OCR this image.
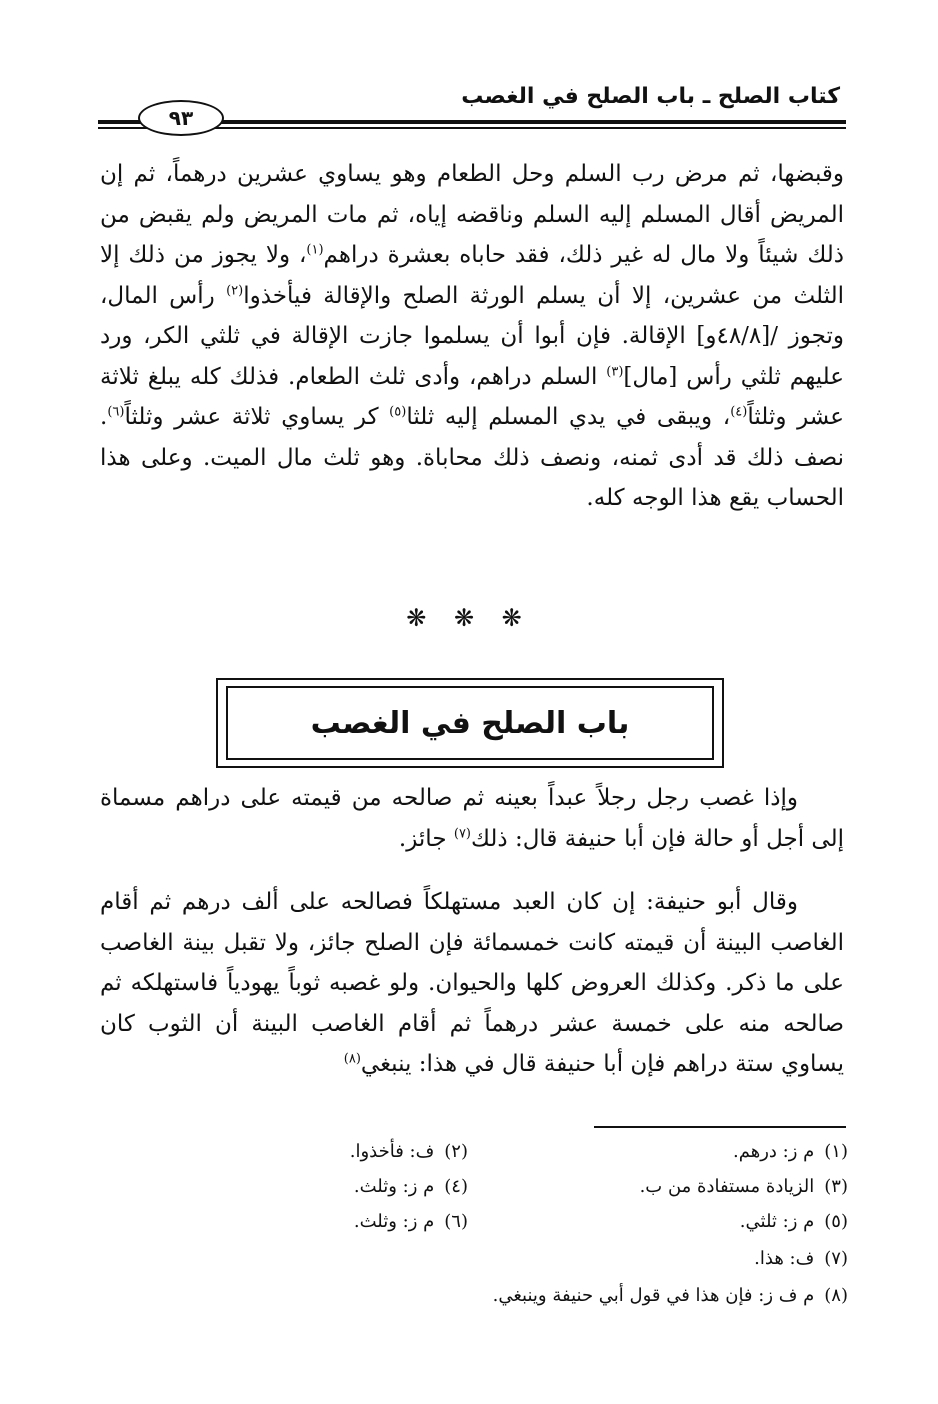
كتاب الصلح ـ باب الصلح في الغصب
٩٣
وقبضها، ثم مرض رب السلم وحل الطعام وهو يساوي عشرين درهماً، ثم إن المريض أقال المسلم إليه السلم وناقضه إياه، ثم مات المريض ولم يقبض من ذلك شيئاً ولا مال له غير ذلك، فقد حاباه بعشرة دراهم$^{(١)}$، ولا يجوز من ذلك إلا الثلث من عشرين، إلا أن يسلم الورثة الصلح والإقالة فيأخذوا$^{(٢)}$ رأس المال، وتجوز /[٤٨/٨و] الإقالة. فإن أبوا أن يسلموا جازت الإقالة في ثلثي الكر، ورد عليهم ثلثي رأس [مال]$^{(٣)}$ السلم دراهم، وأدى ثلث الطعام. فذلك كله يبلغ ثلاثة عشر وثلثاً$^{(٤)}$، ويبقى في يدي المسلم إليه ثلثا$^{(٥)}$ كر يساوي ثلاثة عشر وثلثاً$^{(٦)}$. نصف ذلك قد أدى ثمنه، ونصف ذلك محاباة. وهو ثلث مال الميت. وعلى هذا الحساب يقع هذا الوجه كله.
❋ ❋ ❋
باب الصلح في الغصب
وإذا غصب رجل رجلاً عبداً بعينه ثم صالحه من قيمته على دراهم مسماة إلى أجل أو حالة فإن أبا حنيفة قال: ذلك$^{(٧)}$ جائز.
وقال أبو حنيفة: إن كان العبد مستهلكاً فصالحه على ألف درهم ثم أقام الغاصب البينة أن قيمته كانت خمسمائة فإن الصلح جائز، ولا تقبل بينة الغاصب على ما ذكر. وكذلك العروض كلها والحيوان. ولو غصبه ثوباً يهودياً فاستهلكه ثم صالحه منه على خمسة عشر درهماً ثم أقام الغاصب البينة أن الثوب كان يساوي ستة دراهم فإن أبا حنيفة قال في هذا: ينبغي$^{(٨)}$
(١)م ز: درهم.
(٢)ف: فأخذوا.
(٣)الزيادة مستفادة من ب.
(٤)م ز: وثلث.
(٥)م ز: ثلثي.
(٦)م ز: وثلث.
(٧)ف: هذا.
(٨)م ف ز: فإن هذا في قول أبي حنيفة وينبغي.
